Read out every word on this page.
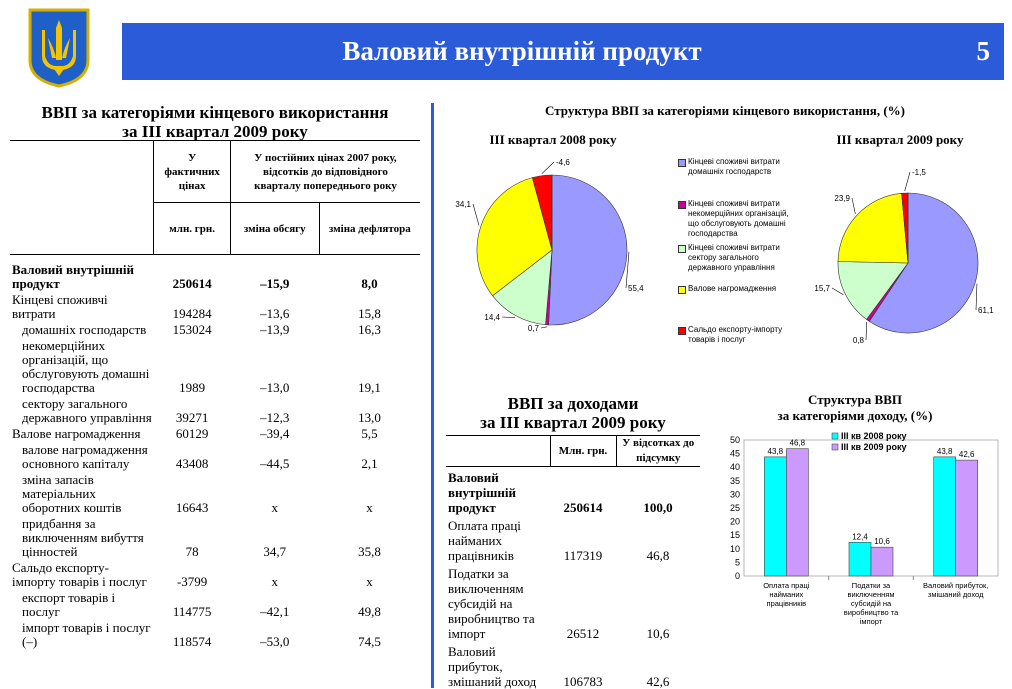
Валовий внутрішній продукт	5
ВВП за категоріями кінцевого використання
за III квартал 2009 року
	У фактичних цінах	У постійних цінах 2007 року, відсотків до відповідного кварталу попереднього року	
	млн. грн.	зміна обсягу	зміна дефлятора
Валовий внутрішній продукт	250614	–15,9	8,0
Кінцеві споживчі витрати	194284	–13,6	15,8
домашніх господарств	153024	–13,9	16,3
некомерційних організацій, що обслуговують домашні господарства	1989	–13,0	19,1
сектору загального державного управління	39271	–12,3	13,0
Валове нагромадження	60129	–39,4	5,5
валове нагромадження основного капіталу	43408	–44,5	2,1
зміна запасів матеріальних оборотних коштів	16643	х	х
придбання за виключенням вибуття цінностей	78	34,7	35,8
Сальдо експорту-імпорту товарів і послуг	-3799	х	х
експорт товарів і послуг	114775	–42,1	49,8
імпорт товарів і послуг (–)	118574	–53,0	74,5
Структура ВВП за категоріями кінцевого використання, (%)
III квартал 2008 року	III квартал 2009 року
55,4
0,7
14,4
34,1
-4,6
61,1
0,8
15,7
23,9
-1,5
Кінцеві споживчі витрати домашніх господарств
Кінцеві споживчі витрати некомерційних організацій, що обслуговують домашні господарства
Кінцеві споживчі витрати сектору загального державного управління
Валове нагромадження
Сальдо експорту-імпорту товарів і послуг
ВВП за доходами
за III квартал 2009 року
	Млн. грн.	У відсотках до підсумку
Валовий внутрішній продукт	250614	100,0
Оплата праці найманих працівників	117319	46,8
Податки за виключенням субсидій на виробництво та імпорт	26512	10,6
Валовий прибуток, змішаний доход	106783	42,6
Структура ВВП
за категоріями доходу, (%)
0
5
10
15
20
25
30
35
40
45
50
43,8
46,8
Оплата праці найманих працівників
12,4
10,6
Податки за виключенням субсидій на виробництво та імпорт
43,8 42,6
Валовий прибуток, змішаний доход
III кв 2008 року
III кв 2009 року
